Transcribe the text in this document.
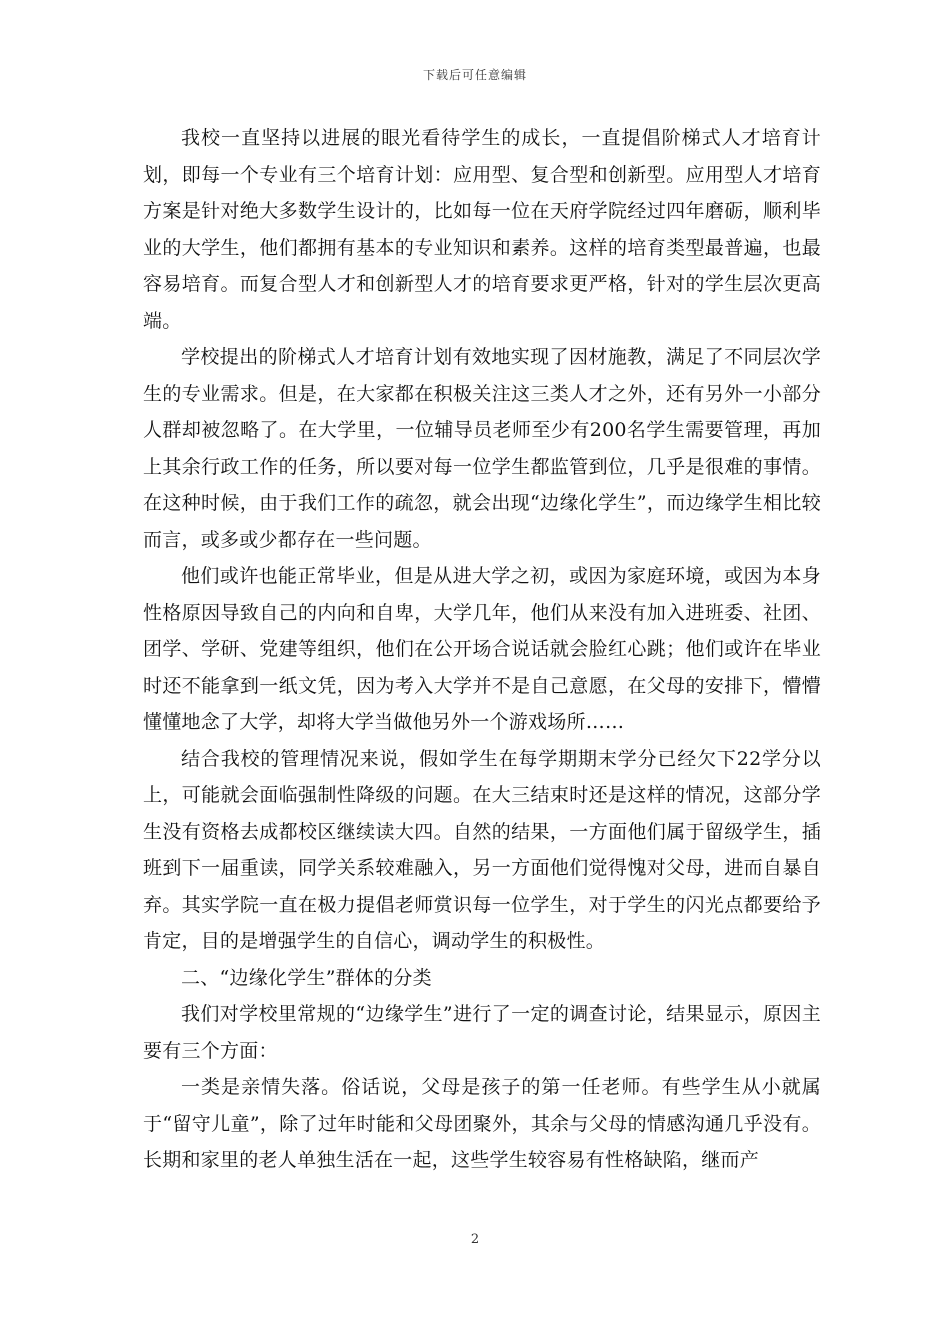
下载后可任意编辑

我校一直坚持以进展的眼光看待学生的成长，一直提倡阶梯式人才培育计划，即每一个专业有三个培育计划：应用型、复合型和创新型。应用型人才培育方案是针对绝大多数学生设计的，比如每一位在天府学院经过四年磨砺，顺利毕业的大学生，他们都拥有基本的专业知识和素养。这样的培育类型最普遍，也最容易培育。而复合型人才和创新型人才的培育要求更严格，针对的学生层次更高端。

学校提出的阶梯式人才培育计划有效地实现了因材施教，满足了不同层次学生的专业需求。但是，在大家都在积极关注这三类人才之外，还有另外一小部分人群却被忽略了。在大学里，一位辅导员老师至少有200名学生需要管理，再加上其余行政工作的任务，所以要对每一位学生都监管到位，几乎是很难的事情。在这种时候，由于我们工作的疏忽，就会出现“边缘化学生”，而边缘学生相比较而言，或多或少都存在一些问题。

他们或许也能正常毕业，但是从进大学之初，或因为家庭环境，或因为本身性格原因导致自己的内向和自卑，大学几年，他们从来没有加入进班委、社团、团学、学研、党建等组织，他们在公开场合说话就会脸红心跳；他们或许在毕业时还不能拿到一纸文凭，因为考入大学并不是自己意愿，在父母的安排下，懵懵懂懂地念了大学，却将大学当做他另外一个游戏场所……

结合我校的管理情况来说，假如学生在每学期期末学分已经欠下22学分以上，可能就会面临强制性降级的问题。在大三结束时还是这样的情况，这部分学生没有资格去成都校区继续读大四。自然的结果，一方面他们属于留级学生，插班到下一届重读，同学关系较难融入，另一方面他们觉得愧对父母，进而自暴自弃。其实学院一直在极力提倡老师赏识每一位学生，对于学生的闪光点都要给予肯定，目的是增强学生的自信心，调动学生的积极性。

二、“边缘化学生”群体的分类

我们对学校里常规的“边缘学生”进行了一定的调查讨论，结果显示，原因主要有三个方面：

一类是亲情失落。俗话说，父母是孩子的第一任老师。有些学生从小就属于“留守儿童”，除了过年时能和父母团聚外，其余与父母的情感沟通几乎没有。长期和家里的老人单独生活在一起，这些学生较容易有性格缺陷，继而产

2
